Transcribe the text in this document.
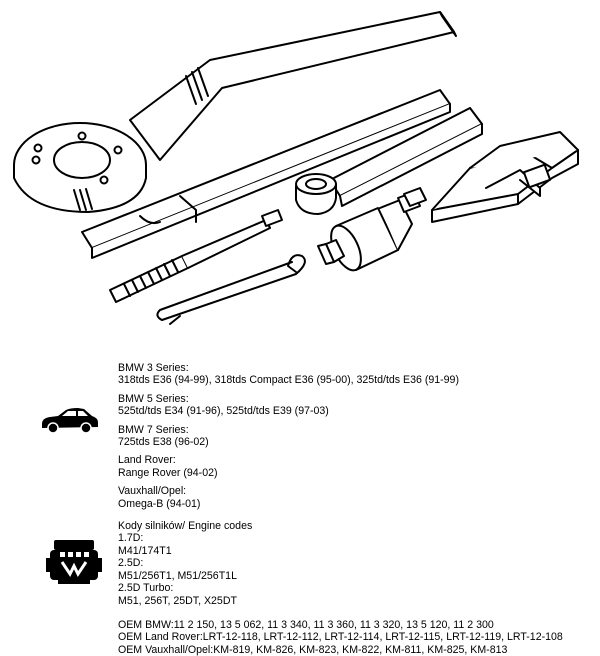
BMW 3 Series:

318tds E36 (94-99), 318tds Compact E36 (95-00), 325td/tds E36 (91-99)

BMW 5 Series:

525td/tds E34 (91-96), 525td/tds E39 (97-03)

BMW 7 Series:

725tds E38 (96-02)

Land Rover:

Range Rover (94-02)

Vauxhall/Opel:

Omega-B (94-01)

Kody silników/ Engine codes

1.7D:

M41/174T1

2.5D:

M51/256T1, M51/256T1L

2.5D Turbo:

M51, 256T, 25DT, X25DT

OEM BMW:11 2 150, 13 5 062, 11 3 340, 11 3 360, 11 3 320, 13 5 120, 11 2 300

OEM Land Rover:LRT-12-118, LRT-12-112, LRT-12-114, LRT-12-115, LRT-12-119, LRT-12-108

OEM Vauxhall/Opel:KM-819, KM-826, KM-823, KM-822, KM-811, KM-825, KM-813
